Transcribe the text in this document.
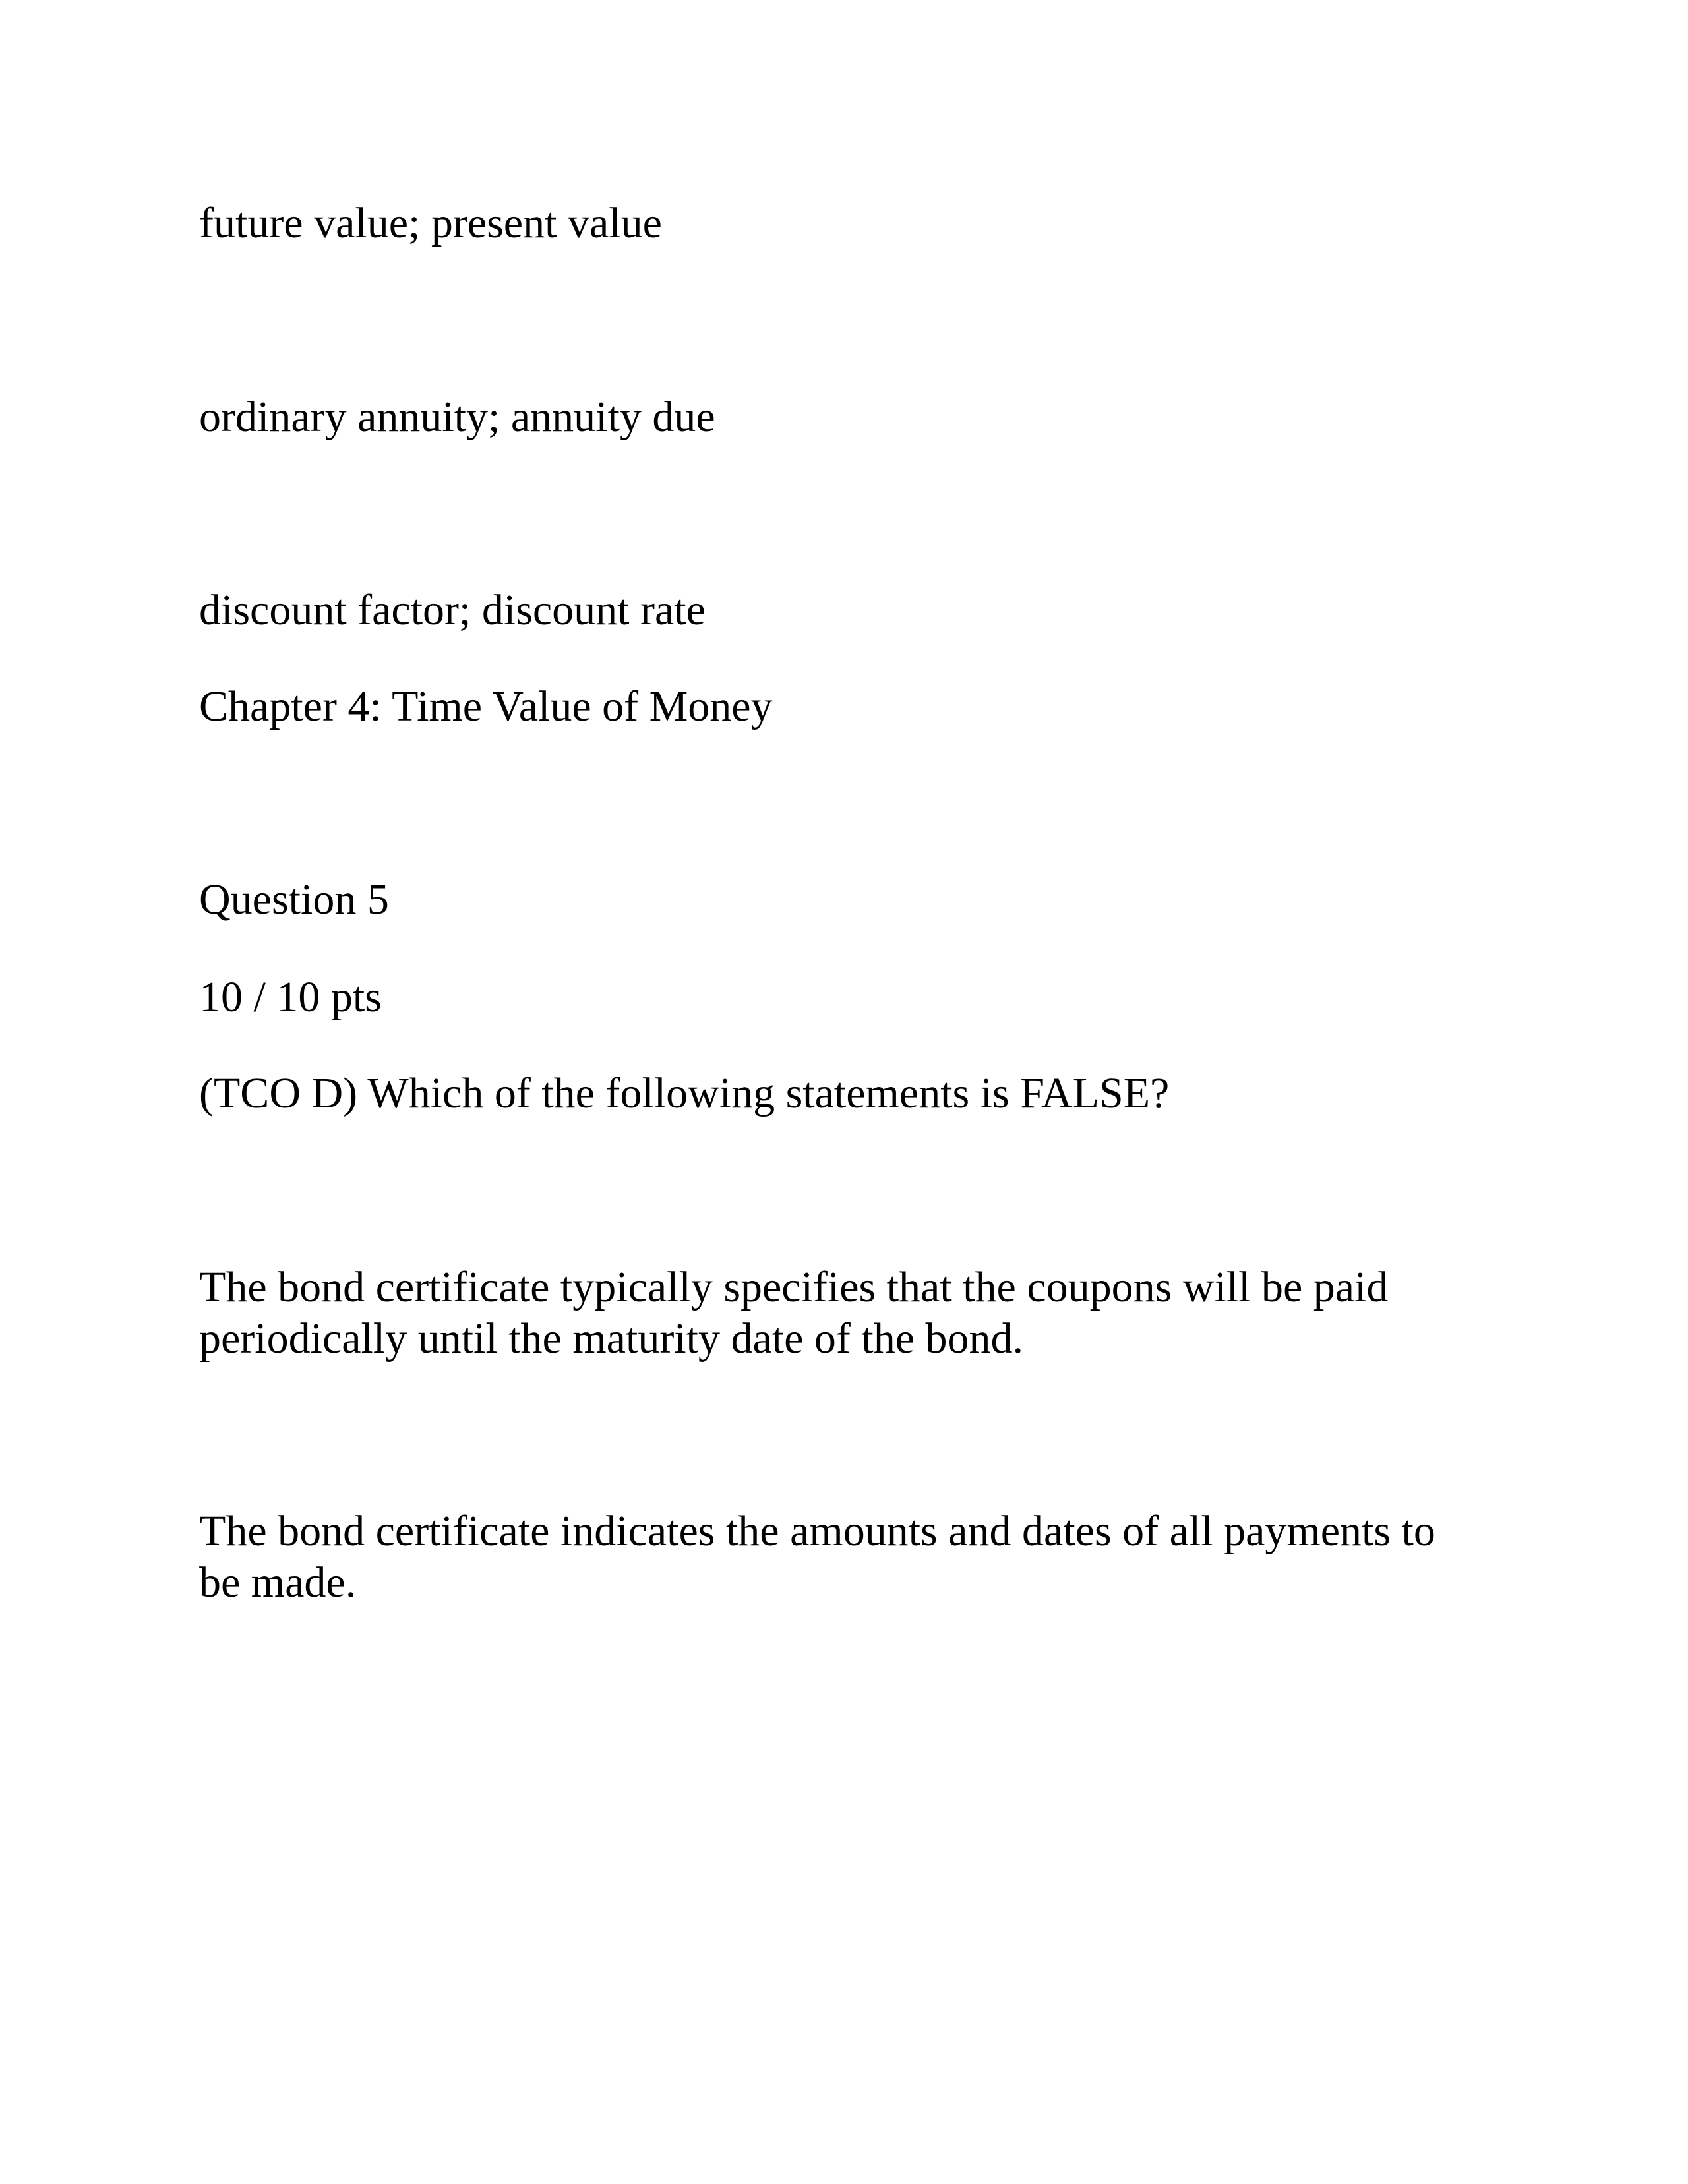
future value; present value

ordinary annuity; annuity due

discount factor; discount rate

Chapter 4: Time Value of Money

Question 5

10 / 10 pts

(TCO D) Which of the following statements is FALSE?

The bond certificate typically specifies that the coupons will be paid
periodically until the maturity date of the bond.
The bond certificate indicates the amounts and dates of all payments to
be made.
